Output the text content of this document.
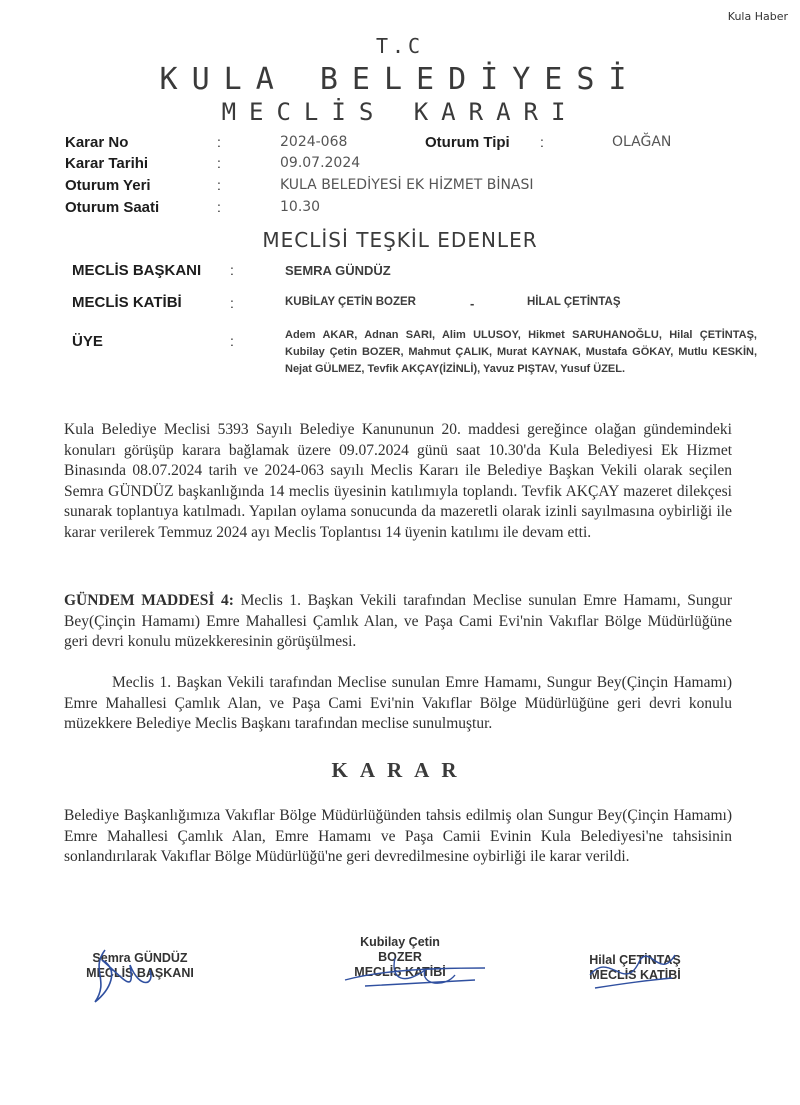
Kula Haber
T.C
KULA BELEDİYESİ
MECLİS KARARI
Karar No	:	2024-068	Oturum Tipi :	OLAĞAN
Karar Tarihi	:	09.07.2024
Oturum Yeri	:	KULA BELEDİYESİ EK HİZMET BİNASI
Oturum Saati	:	10.30
MECLİSİ TEŞKİL EDENLER
MECLİS BAŞKANI :	SEMRA GÜNDÜZ
MECLİS KATİBİ	:	KUBİLAY ÇETİN BOZER	-	HİLAL ÇETİNTAŞ
ÜYE	:	Adem AKAR, Adnan SARI, Alim ULUSOY, Hikmet SARUHANOĞLU, Hilal ÇETİNTAŞ, Kubilay Çetin BOZER, Mahmut ÇALIK, Murat KAYNAK, Mustafa GÖKAY, Mutlu KESKİN, Nejat GÜLMEZ, Tevfik AKÇAY(İZİNLİ), Yavuz PIŞTAV, Yusuf ÜZEL.
Kula Belediye Meclisi 5393 Sayılı Belediye Kanununun 20. maddesi gereğince olağan gündemindeki konuları görüşüp karara bağlamak üzere 09.07.2024 günü saat 10.30'da Kula Belediyesi Ek Hizmet Binasında 08.07.2024 tarih ve 2024-063 sayılı Meclis Kararı ile Belediye Başkan Vekili olarak seçilen Semra GÜNDÜZ başkanlığında 14 meclis üyesinin katılımıyla toplandı. Tevfik AKÇAY mazeret dilekçesi sunarak toplantıya katılmadı. Yapılan oylama sonucunda da mazeretli olarak izinli sayılmasına oybirliği ile karar verilerek Temmuz 2024 ayı Meclis Toplantısı 14 üyenin katılımı ile devam etti.
GÜNDEM MADDESİ 4: Meclis 1. Başkan Vekili tarafından Meclise sunulan Emre Hamamı, Sungur Bey(Çinçin Hamamı) Emre Mahallesi Çamlık Alan, ve Paşa Cami Evi'nin Vakıflar Bölge Müdürlüğüne geri devri konulu müzekkeresinin görüşülmesi.
Meclis 1. Başkan Vekili tarafından Meclise sunulan Emre Hamamı, Sungur Bey(Çinçin Hamamı) Emre Mahallesi Çamlık Alan, ve Paşa Cami Evi'nin Vakıflar Bölge Müdürlüğüne geri devri konulu müzekkere Belediye Meclis Başkanı tarafından meclise sunulmuştur.
KARAR
Belediye Başkanlığımıza Vakıflar Bölge Müdürlüğünden tahsis edilmiş olan Sungur Bey(Çinçin Hamamı) Emre Mahallesi Çamlık Alan, Emre Hamamı ve Paşa Camii Evinin Kula Belediyesi'ne tahsisinin sonlandırılarak Vakıflar Bölge Müdürlüğü'ne geri devredilmesine oybirliği ile karar verildi.
Semra GÜNDÜZ
MECLİS BAŞKANI
Kubilay Çetin
BOZER
MECLİS KATİBİ
Hilal ÇETİNTAŞ
MECLİS KATİBİ
